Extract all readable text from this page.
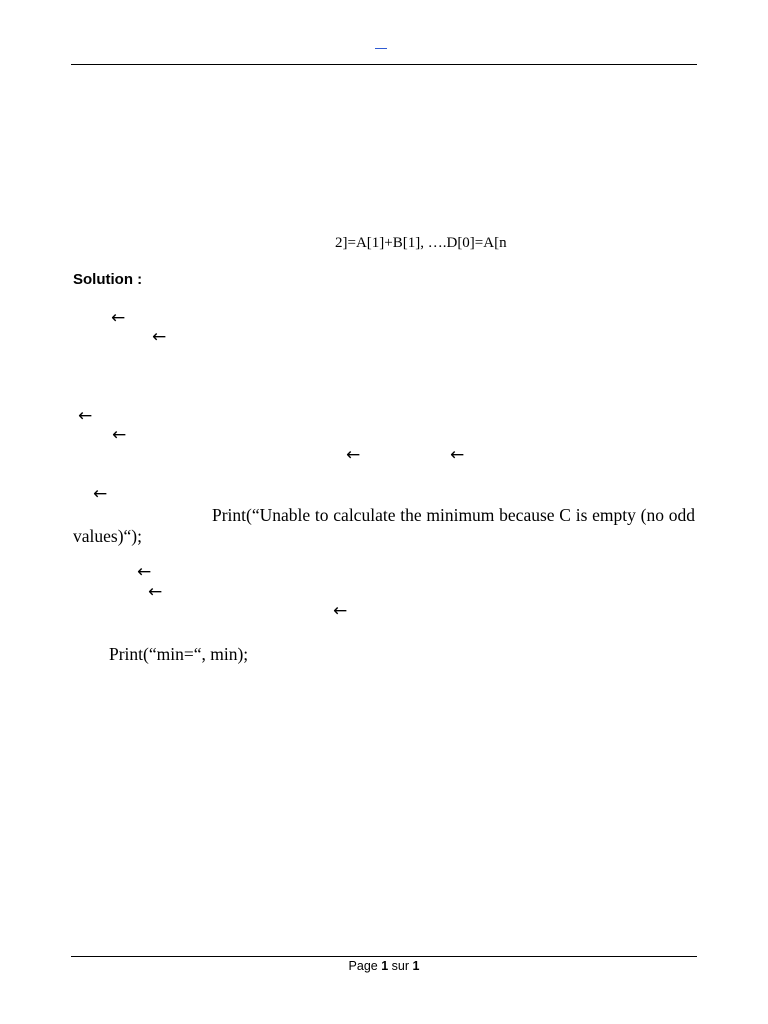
2]=A[1]+B[1], ….D[0]=A[n
Solution :
←
←
←
←
←	←
←
Print(“Unable to calculate the minimum because C is empty (no odd values)“);
←
←
←
Print(“min=“, min);
Page 1 sur 1
